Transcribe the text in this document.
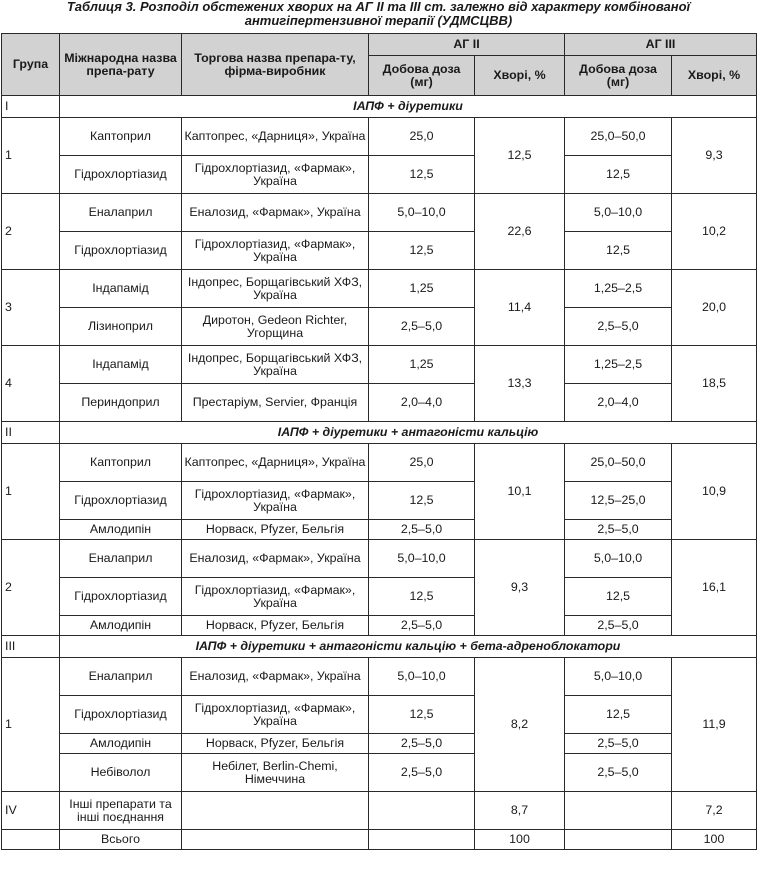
Таблиця 3. Розподіл обстежених хворих на АГ ІІ та ІІІ ст. залежно від характеру комбінованої
антигіпертензивної терапії (УДМСЦВВ)
Група	Міжнародна назва препа-рату	Торгова назва препара-ту, фірма-виробник	АГ ІІ		АГ ІІІ	
			Добова доза (мг)	Хворі, %	Добова доза (мг)	Хворі, %
І	ІАПФ + діуретики					
1	Каптоприл	Каптопрес, «Дарниця», Україна	25,0	12,5	25,0–50,0	9,3
	Гідрохлортіазид	Гідрохлортіазид, «Фармак», Україна	12,5		12,5	
2	Еналаприл	Еналозид, «Фармак», Україна	5,0–10,0	22,6	5,0–10,0	10,2
	Гідрохлортіазид	Гідрохлортіазид, «Фармак», Україна	12,5		12,5	
3	Індапамід	Індопрес, Борщагівський ХФЗ, Україна	1,25	11,4	1,25–2,5	20,0
	Лізиноприл	Диротон, Gedeon Richter, Угорщина	2,5–5,0		2,5–5,0	
4	Індапамід	Індопрес, Борщагівський ХФЗ, Україна	1,25	13,3	1,25–2,5	18,5
	Периндоприл	Престаріум, Servier, Франція	2,0–4,0		2,0–4,0	
ІІ	ІАПФ + діуретики + антагоністи кальцію					
1	Каптоприл	Каптопрес, «Дарниця», Україна	25,0	10,1	25,0–50,0	10,9
	Гідрохлортіазид	Гідрохлортіазид, «Фармак», Україна	12,5		12,5–25,0	
	Амлодипін	Норваск, Pfyzer, Бельгія	2,5–5,0		2,5–5,0	
2	Еналаприл	Еналозид, «Фармак», Україна	5,0–10,0	9,3	5,0–10,0	16,1
	Гідрохлортіазид	Гідрохлортіазид, «Фармак», Україна	12,5		12,5	
	Амлодипін	Норваск, Pfyzer, Бельгія	2,5–5,0		2,5–5,0	
ІІІ	ІАПФ + діуретики + антагоністи кальцію + бета-адреноблокатори					
1	Еналаприл	Еналозид, «Фармак», Україна	5,0–10,0	8,2	5,0–10,0	11,9
	Гідрохлортіазид	Гідрохлортіазид, «Фармак», Україна	12,5		12,5	
	Амлодипін	Норваск, Pfyzer, Бельгія	2,5–5,0		2,5–5,0	
	Небіволол	Небілет, Berlin-Chemi, Німеччина	2,5–5,0		2,5–5,0	
IV	Інші препарати та інші поєднання			8,7		7,2
	Всього			100		100
